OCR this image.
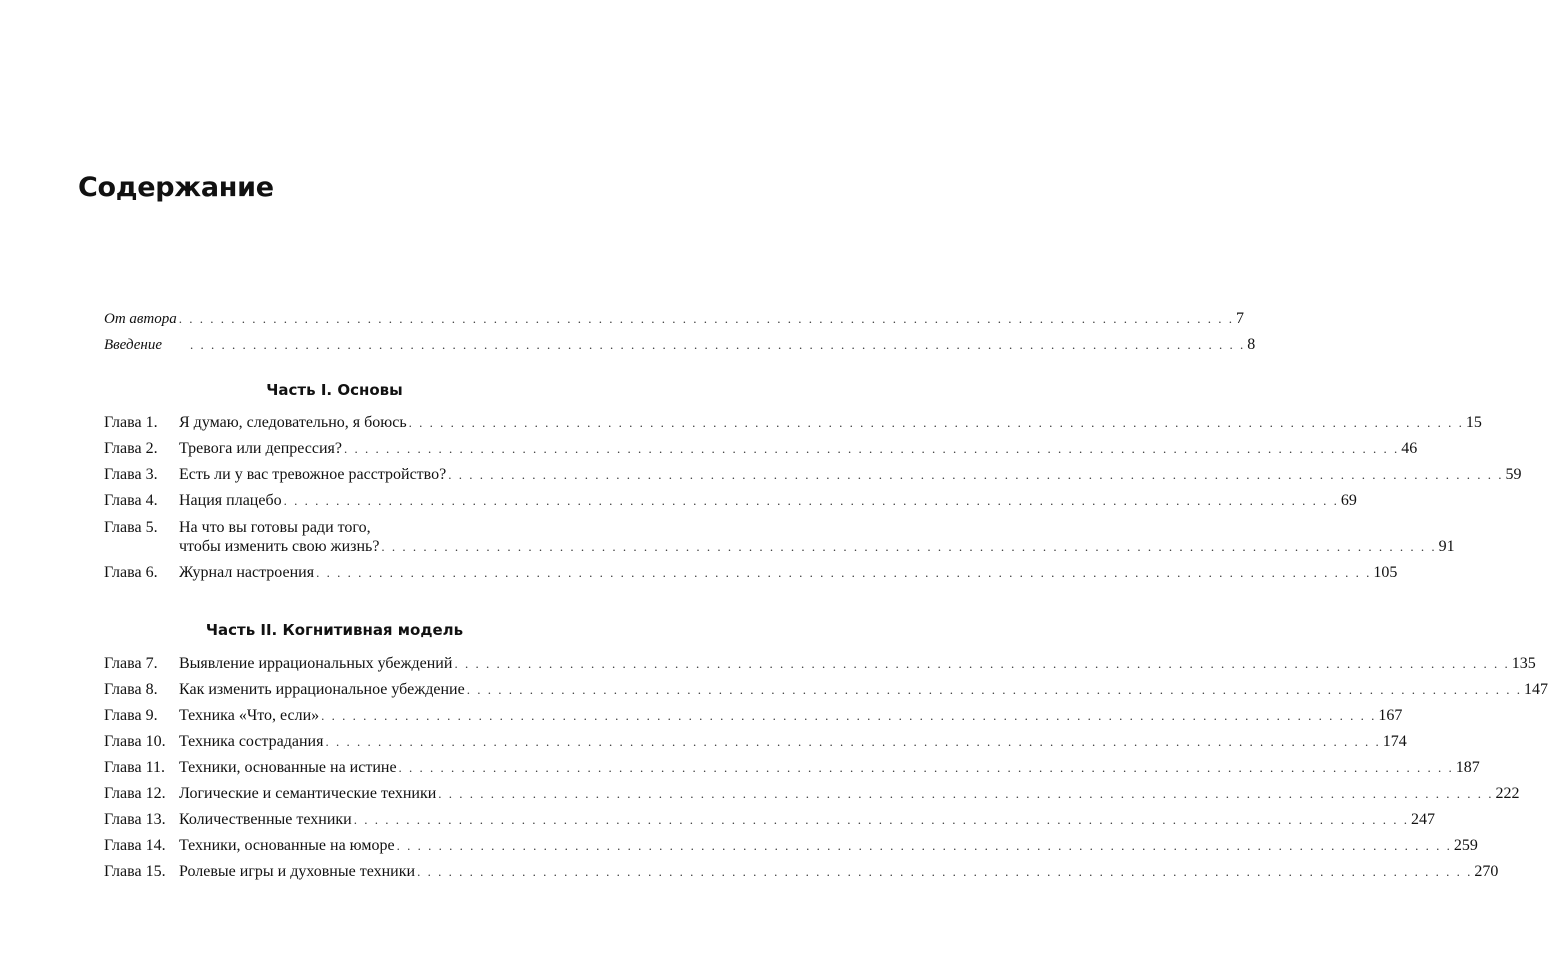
Содержание
От автора . . .	7
Введение . . .	8
Часть I. Основы
Глава 1.	Я думаю, следовательно, я боюсь . . .	15
Глава 2.	Тревога или депрессия? . . .	46
Глава 3.	Есть ли у вас тревожное расстройство? . . .	59
Глава 4.	Нация плацебо . . .	69
Глава 5.	На что вы готовы ради того,
чтобы изменить свою жизнь? . . .	91
Глава 6.	Журнал настроения . . .	105
Часть II. Когнитивная модель
Глава 7.	Выявление иррациональных убеждений . . .	135
Глава 8.	Как изменить иррациональное убеждение . . .	147
Глава 9.	Техника «Что, если» . . .	167
Глава 10. Техника сострадания . . .	174
Глава 11. Техники, основанные на истине . . .	187
Глава 12. Логические и семантические техники . . .	222
Глава 13. Количественные техники . . .	247
Глава 14. Техники, основанные на юморе . . .	259
Глава 15. Ролевые игры и духовные техники . . .	270
